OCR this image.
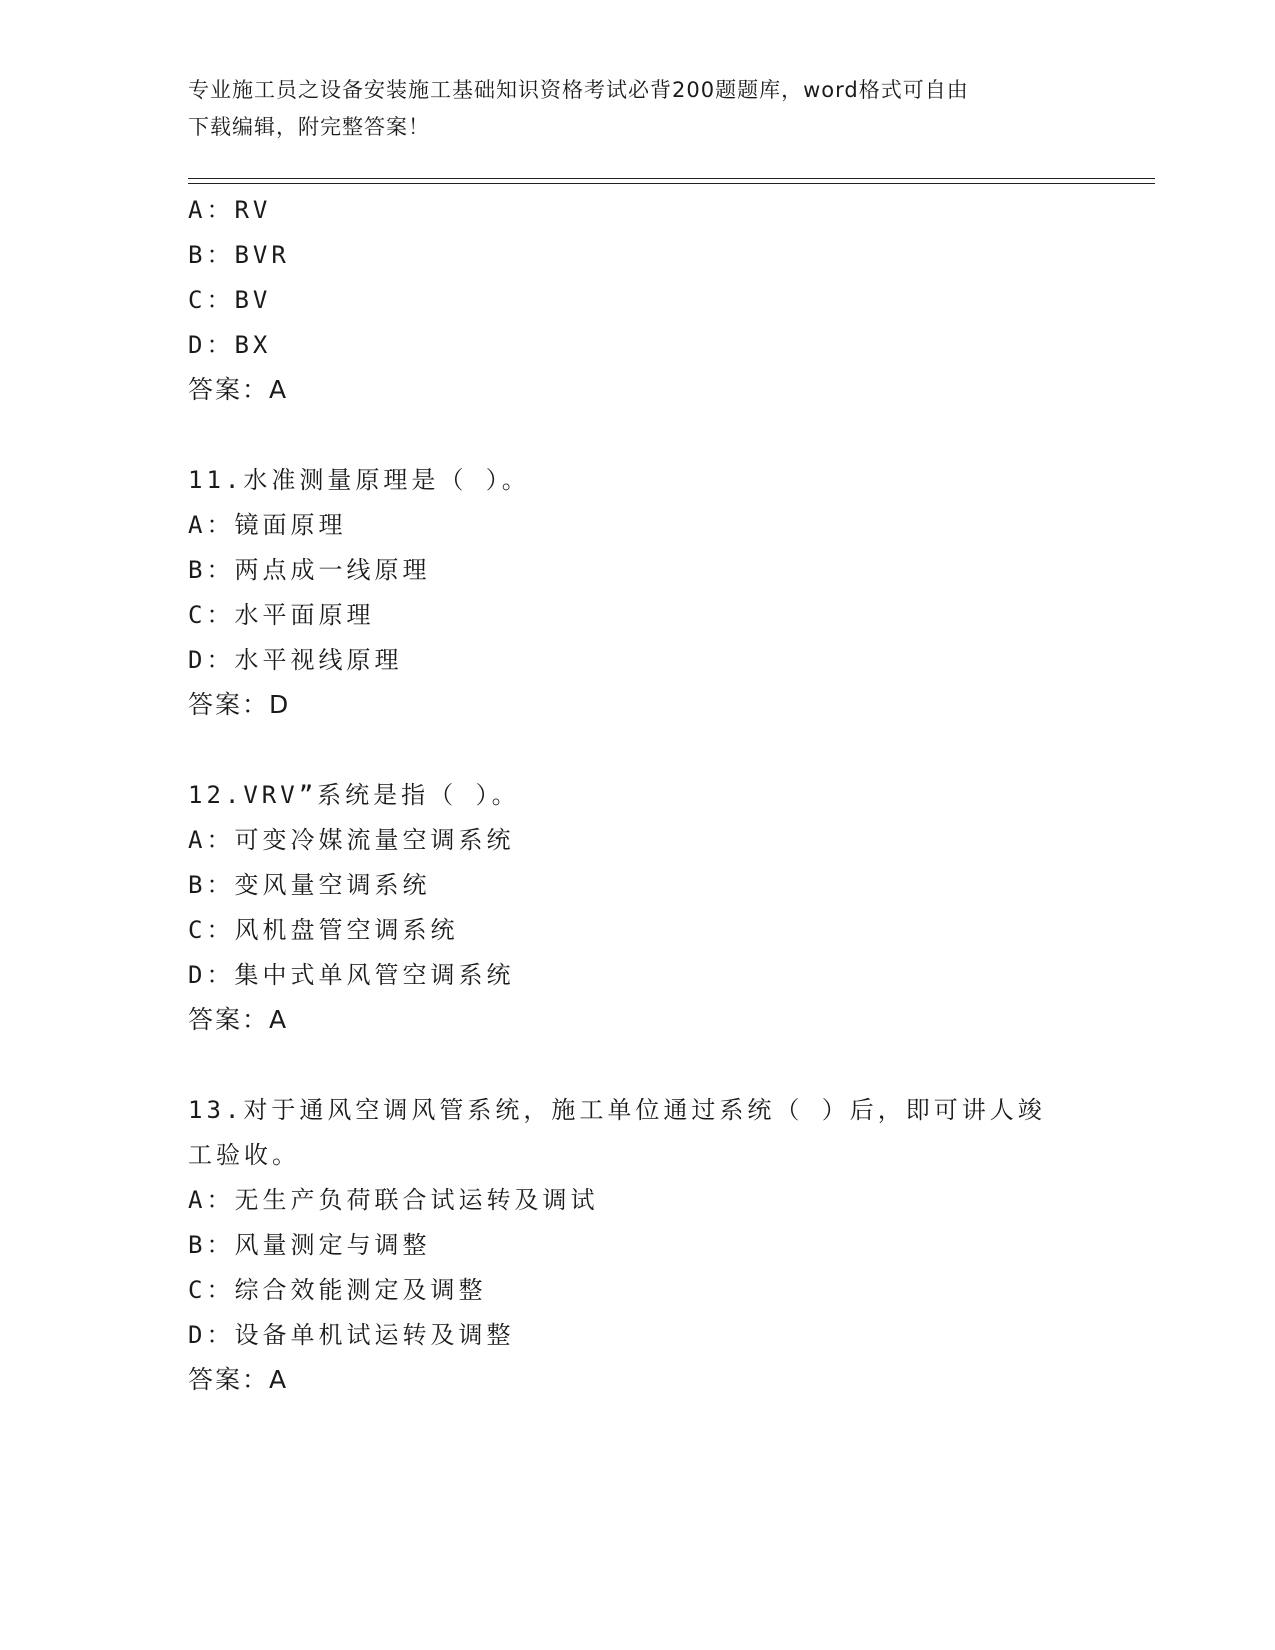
专业施工员之设备安装施工基础知识资格考试必背200题题库，word格式可自由
下载编辑，附完整答案！
A：RV
B：BVR
C：BV
D：BX
答案：A
11.水准测量原理是（ ）。
A：镜面原理
B：两点成一线原理
C：水平面原理
D：水平视线原理
答案：D
12.VRV”系统是指（ ）。
A：可变冷媒流量空调系统
B：变风量空调系统
C：风机盘管空调系统
D：集中式单风管空调系统
答案：A
13.对于通风空调风管系统，施工单位通过系统（ ）后，即可讲人竣
工验收。
A：无生产负荷联合试运转及调试
B：风量测定与调整
C：综合效能测定及调整
D：设备单机试运转及调整
答案：A
